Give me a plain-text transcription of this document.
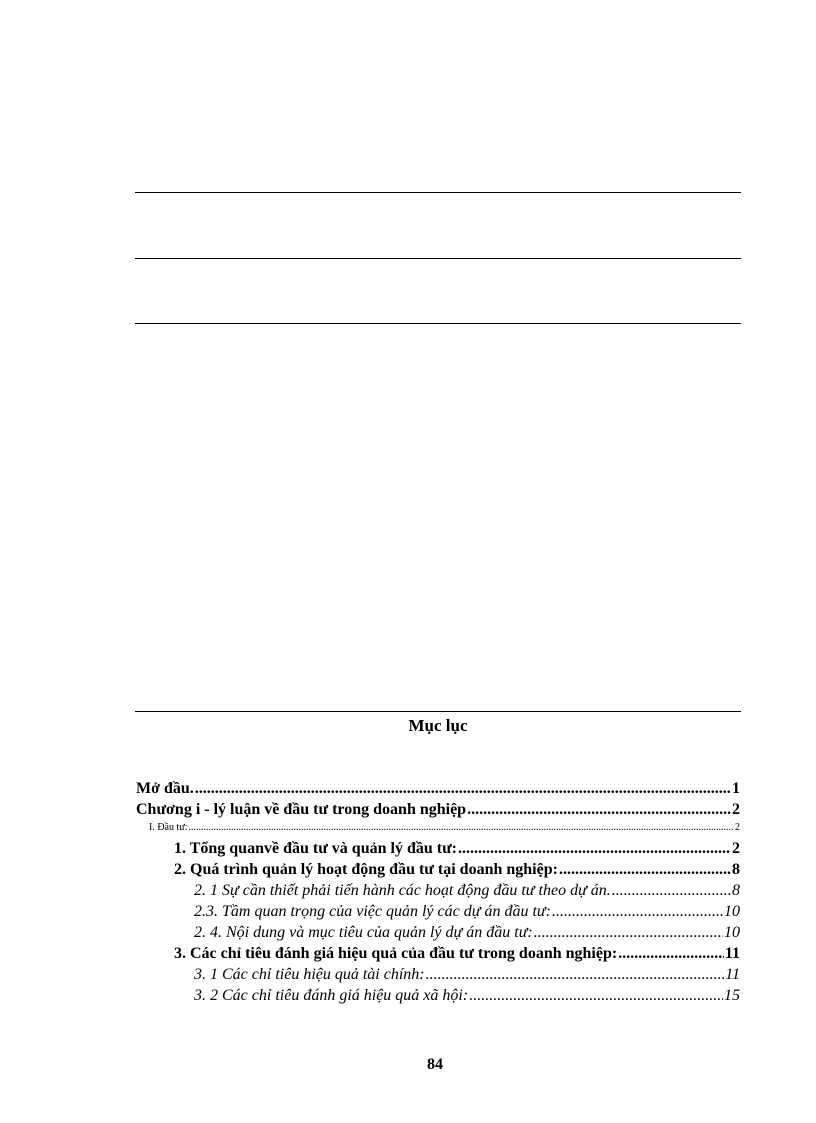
Mục lục
Mở đầu. .....	1
Chương i - lý luận về đầu tư trong doanh nghiệp .....	2
I. Đầu tư: .....	2
1. Tổng quanvề đầu tư và quản lý đầu tư: .....	2
2. Quá trình quản lý hoạt động đầu tư tại doanh nghiệp: .....	8
2. 1 Sự cần thiết phải tiến hành các hoạt động đầu tư theo dự án. .....	8
2.3. Tầm quan trọng của việc quản lý các dự án đầu tư: .....	10
2. 4. Nội dung và mục tiêu của quản lý dự án đầu tư: .....	10
3. Các chỉ tiêu đánh giá hiệu quả của đầu tư trong doanh nghiệp: .....	11
3. 1 Các chỉ tiêu hiệu quả tài chính: .....	11
3. 2 Các chỉ tiêu đánh giá hiệu quả xã hội: .....	15
84
